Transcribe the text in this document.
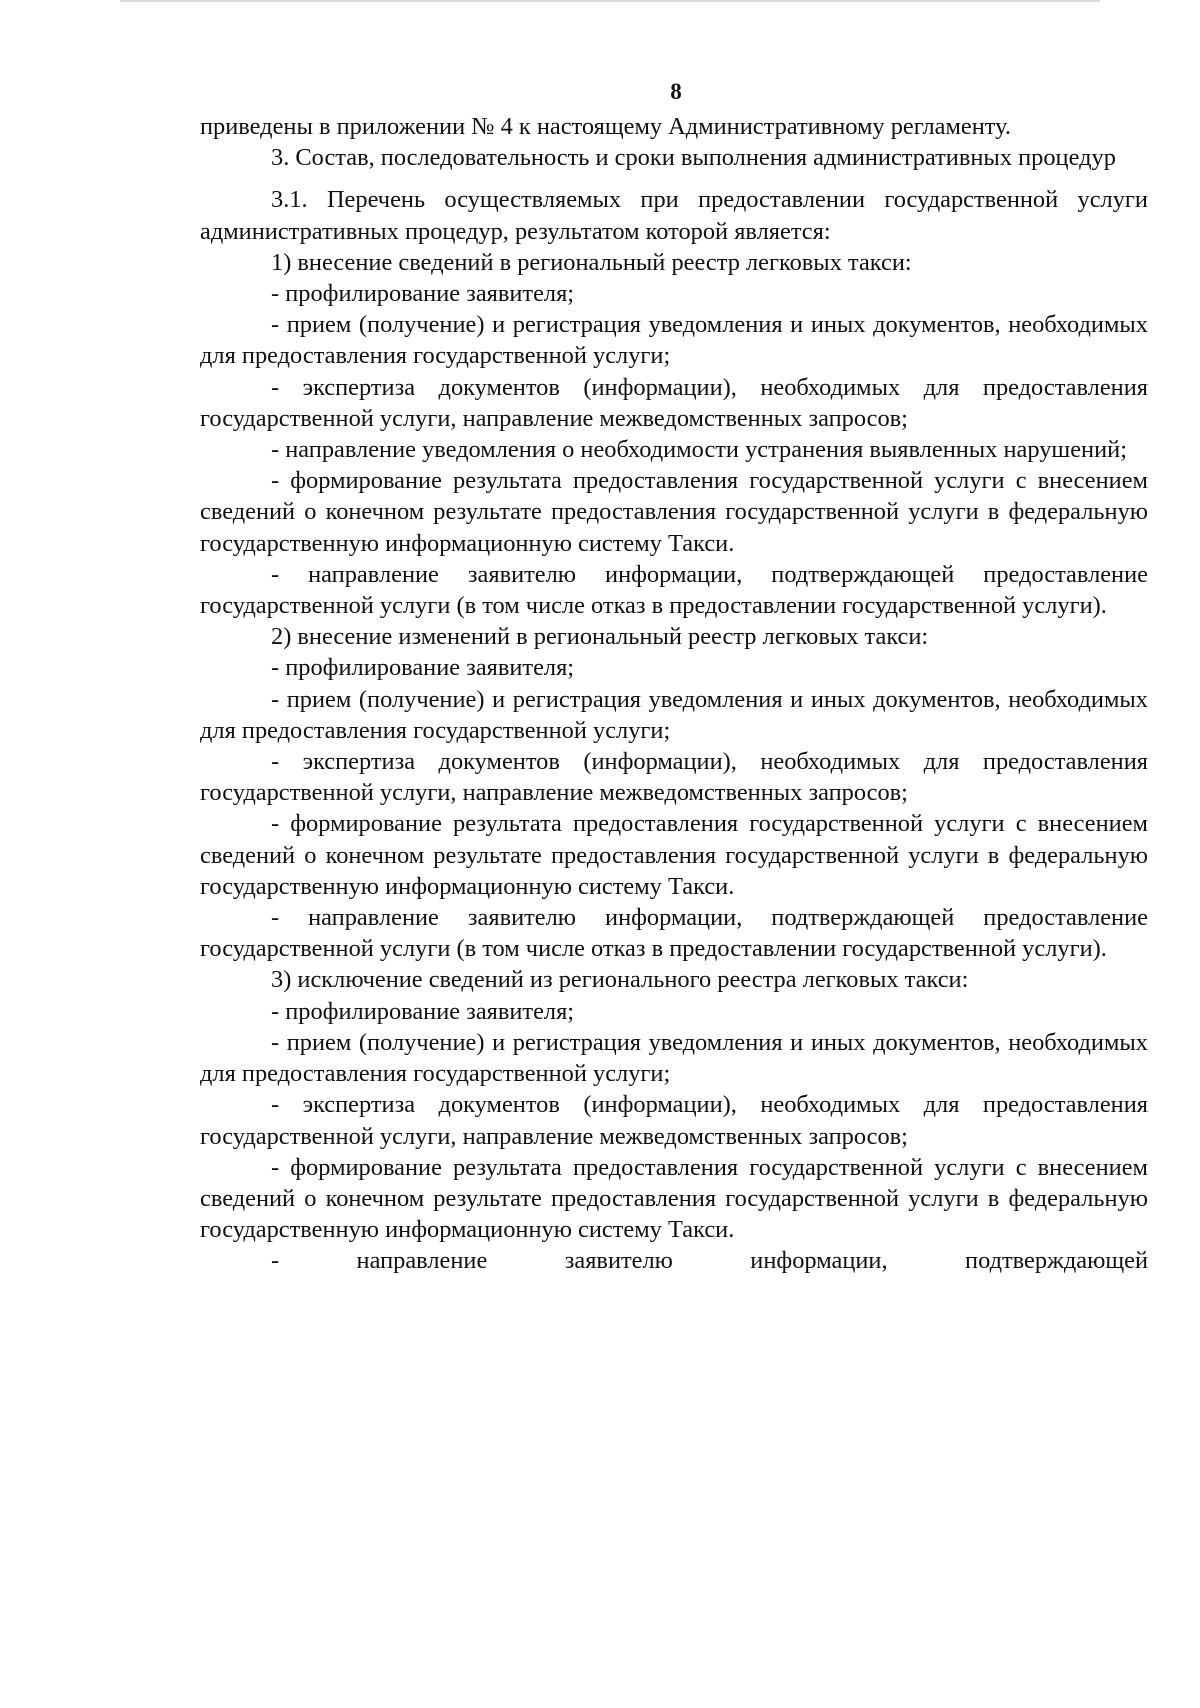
8

приведены в приложении № 4 к настоящему Административному регламенту.

3. Состав, последовательность и сроки выполнения административных процедур

3.1. Перечень осуществляемых при предоставлении государственной услуги административных процедур, результатом которой является:

1) внесение сведений в региональный реестр легковых такси:

- профилирование заявителя;

- прием (получение) и регистрация уведомления и иных документов, необходимых для предоставления государственной услуги;

- экспертиза документов (информации), необходимых для предоставления государственной услуги, направление межведомственных запросов;

- направление уведомления о необходимости устранения выявленных нарушений;

- формирование результата предоставления государственной услуги с внесением сведений о конечном результате предоставления государственной услуги в федеральную государственную информационную систему Такси.

- направление заявителю информации, подтверждающей предоставление государственной услуги (в том числе отказ в предоставлении государственной услуги).

2) внесение изменений в региональный реестр легковых такси:

- профилирование заявителя;

- прием (получение) и регистрация уведомления и иных документов, необходимых для предоставления государственной услуги;

- экспертиза документов (информации), необходимых для предоставления государственной услуги, направление межведомственных запросов;

- формирование результата предоставления государственной услуги с внесением сведений о конечном результате предоставления государственной услуги в федеральную государственную информационную систему Такси.

- направление заявителю информации, подтверждающей предоставление государственной услуги (в том числе отказ в предоставлении государственной услуги).

3) исключение сведений из регионального реестра легковых такси:

- профилирование заявителя;

- прием (получение) и регистрация уведомления и иных документов, необходимых для предоставления государственной услуги;

- экспертиза документов (информации), необходимых для предоставления государственной услуги, направление межведомственных запросов;

- формирование результата предоставления государственной услуги с внесением сведений о конечном результате предоставления государственной услуги в федеральную государственную информационную систему Такси.

- направление заявителю информации, подтверждающей
